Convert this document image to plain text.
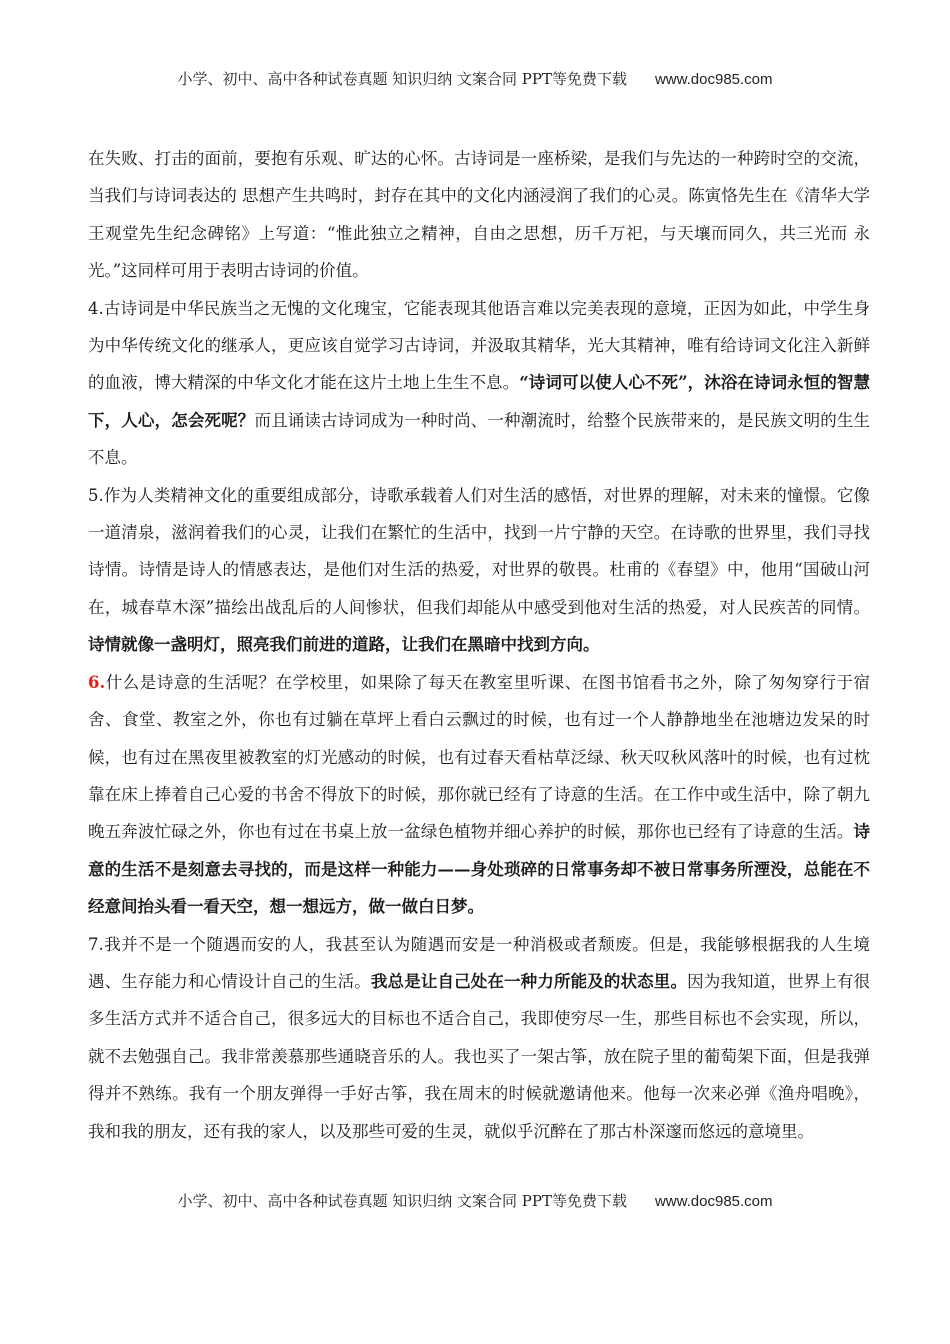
小学、初中、高中各种试卷真题 知识归纳 文案合同 PPT等免费下载 www.doc985.com

在失败、打击的面前，要抱有乐观、旷达的心怀。古诗词是一座桥梁，是我们与先达的一种跨时空的交流， 当我们与诗词表达的 思想产生共鸣时，封存在其中的文化内涵浸润了我们的心灵。陈寅恪先生在《清华大学王观堂先生纪念碑铭》上写道：“惟此独立之精神，自由之思想，历千万祀，与天壤而同久，共三光而 永光。”这同样可用于表明古诗词的价值。

4.古诗词是中华民族当之无愧的文化瑰宝，它能表现其他语言难以完美表现的意境，正因为如此，中学生身为中华传统文化的继承人，更应该自觉学习古诗词，并汲取其精华，光大其精神，唯有给诗词文化注入新鲜的血液，博大精深的中华文化才能在这片土地上生生不息。“诗词可以使人心不死”，沐浴在诗词永恒的智慧下，人心，怎会死呢？而且诵读古诗词成为一种时尚、一种潮流时，给整个民族带来的，是民族文明的生生不息。

5.作为人类精神文化的重要组成部分，诗歌承载着人们对生活的感悟，对世界的理解，对未来的憧憬。它像一道清泉，滋润着我们的心灵，让我们在繁忙的生活中，找到一片宁静的天空。在诗歌的世界里，我们寻找诗情。诗情是诗人的情感表达，是他们对生活的热爱，对世界的敬畏。杜甫的《春望》中，他用“国破山河在，城春草木深”描绘出战乱后的人间惨状，但我们却能从中感受到他对生活的热爱，对人民疾苦的同情。诗情就像一盏明灯，照亮我们前进的道路，让我们在黑暗中找到方向。

6.什么是诗意的生活呢？在学校里，如果除了每天在教室里听课、在图书馆看书之外，除了匆匆穿行于宿舍、食堂、教室之外，你也有过躺在草坪上看白云飘过的时候，也有过一个人静静地坐在池塘边发呆的时候，也有过在黑夜里被教室的灯光感动的时候，也有过春天看枯草泛绿、秋天叹秋风落叶的时候，也有过枕靠在床上捧着自己心爱的书舍不得放下的时候，那你就已经有了诗意的生活。在工作中或生活中，除了朝九晚五奔波忙碌之外，你也有过在书桌上放一盆绿色植物并细心养护的时候，那你也已经有了诗意的生活。诗意的生活不是刻意去寻找的，而是这样一种能力——身处琐碎的日常事务却不被日常事务所湮没，总能在不经意间抬头看一看天空，想一想远方，做一做白日梦。

7.我并不是一个随遇而安的人，我甚至认为随遇而安是一种消极或者颓废。但是，我能够根据我的人生境遇、生存能力和心情设计自己的生活。我总是让自己处在一种力所能及的状态里。因为我知道，世界上有很多生活方式并不适合自己，很多远大的目标也不适合自己，我即使穷尽一生，那些目标也不会实现，所以，就不去勉强自己。我非常羡慕那些通晓音乐的人。我也买了一架古筝，放在院子里的葡萄架下面，但是我弹得并不熟练。我有一个朋友弹得一手好古筝，我在周末的时候就邀请他来。他每一次来必弹《渔舟唱晚》，我和我的朋友，还有我的家人，以及那些可爱的生灵，就似乎沉醉在了那古朴深邃而悠远的意境里。

小学、初中、高中各种试卷真题 知识归纳 文案合同 PPT等免费下载 www.doc985.com
